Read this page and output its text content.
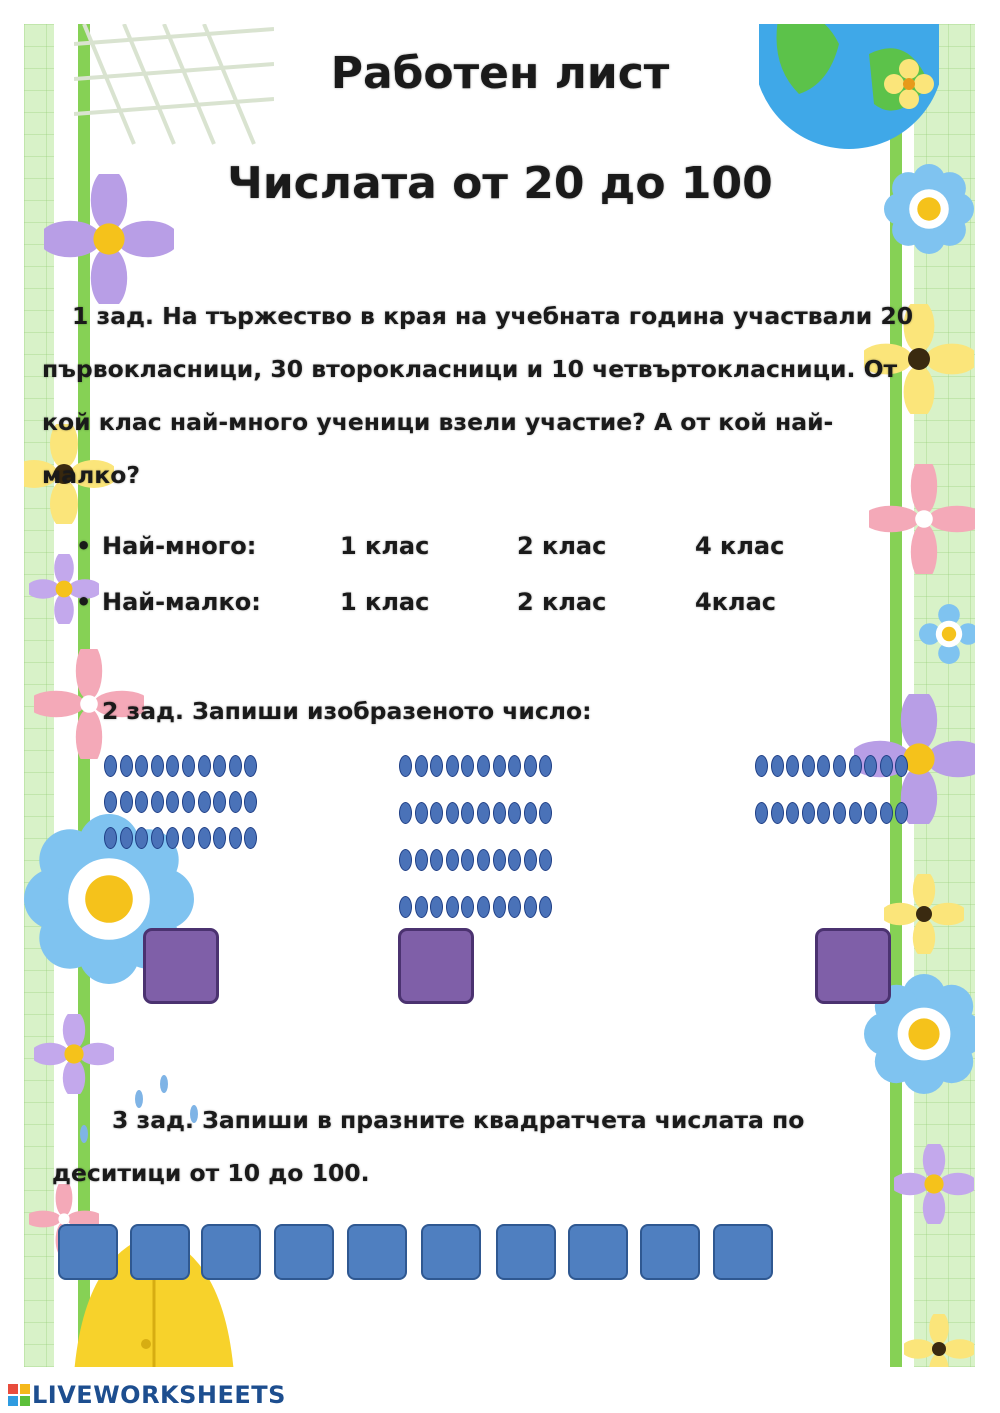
Работен лист
Числата от 20 до 100
1 зад. На тържество в края на учебната година участвали 20
първокласници, 30 второкласници и 10 четвъртокласници. От
кой клас най-много ученици взели участие? А от кой най-
малко?
• Най-много:	1 клас	2 клас	4 клас
• Най-малко:	1 клас	2 клас	4клас
2 зад. Запиши изобразеното число:
3 зад. Запиши в празните квадратчета числата по
деситици от 10 до 100.
LIVEWORKSHEETS
